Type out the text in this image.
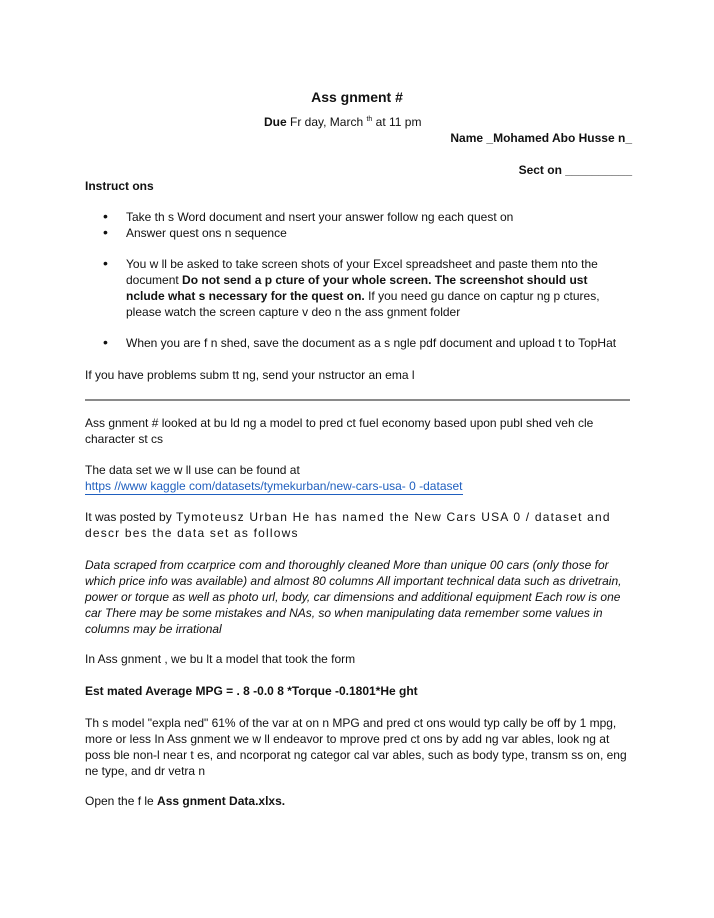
Ass gnment #
Due Fr day, March $^{th}$ at 11 pm
Name _Mohamed Abo Husse n_
Sect on __________
Instruct ons
• Take th s Word document and nsert your answer follow ng each quest on
• Answer quest ons n sequence
• You w ll be asked to take screen shots of your Excel spreadsheet and paste them nto the document Do not send a p cture of your whole screen. The screenshot should ust nclude what s necessary for the quest on. If you need gu dance on captur ng p ctures, please watch the screen capture v deo n the ass gnment folder
• When you are f n shed, save the document as a s ngle pdf document and upload t to TopHat
If you have problems subm tt ng, send your nstructor an ema l
Ass gnment # looked at bu ld ng a model to pred ct fuel economy based upon publ shed veh cle character st cs
The data set we w ll use can be found at
https //www kaggle com/datasets/tymekurban/new-cars-usa- 0 -dataset
It was posted by Tymoteusz Urban He has named the New Cars USA 0 / dataset and descr bes the data set as follows
Data scraped from ccarprice com and thoroughly cleaned More than unique 00 cars (only those for which price info was available) and almost 80 columns All important technical data such as drivetrain, power or torque as well as photo url, body, car dimensions and additional equipment Each row is one car There may be some mistakes and NAs, so when manipulating data remember some values in columns may be irrational
In Ass gnment , we bu lt a model that took the form
Est mated Average MPG = . 8 -0.0 8 *Torque -0.1801*He ght
Th s model "expla ned" 61% of the var at on n MPG and pred ct ons would typ cally be off by 1 mpg, more or less In Ass gnment we w ll endeavor to mprove pred ct ons by add ng var ables, look ng at poss ble non-l near t es, and ncorporat ng categor cal var ables, such as body type, transm ss on, eng ne type, and dr vetra n
Open the f le Ass gnment Data.xlxs.
